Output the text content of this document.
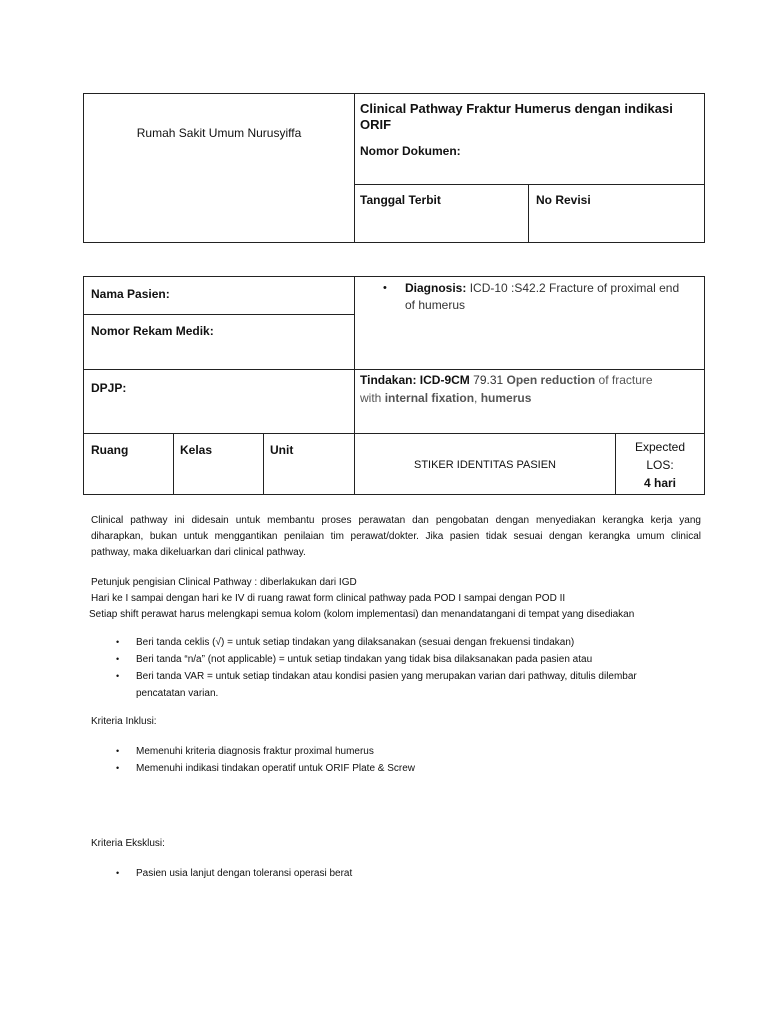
Rumah Sakit Umum Nurusyiffa
Clinical Pathway Fraktur Humerus dengan indikasi ORIF
Nomor Dokumen:
Tanggal Terbit	No Revisi
Nama Pasien:
Nomor Rekam Medik:
DPJP:
• Diagnosis: ICD-10 :S42.2 Fracture of proximal end
of humerus
Tindakan: ICD-9CM 79.31 Open reduction of fracture
with internal fixation, humerus
Ruang	Kelas	Unit
STIKER IDENTITAS PASIEN
Expected
LOS:
4 hari
Clinical pathway ini didesain untuk membantu proses perawatan dan pengobatan dengan menyediakan kerangka kerja yang
diharapkan, bukan untuk menggantikan penilaian tim perawat/dokter. Jika pasien tidak sesuai dengan kerangka umum clinical
pathway, maka dikeluarkan dari clinical pathway.
Petunjuk pengisian Clinical Pathway : diberlakukan dari IGD
Hari ke I sampai dengan hari ke IV di ruang rawat form clinical pathway pada POD I sampai dengan POD II
Setiap shift perawat harus melengkapi semua kolom (kolom implementasi) dan menandatangani di tempat yang disediakan
• Beri tanda ceklis (√) = untuk setiap tindakan yang dilaksanakan (sesuai dengan frekuensi tindakan)
• Beri tanda “n/a” (not applicable) = untuk setiap tindakan yang tidak bisa dilaksanakan pada pasien atau
• Beri tanda VAR = untuk setiap tindakan atau kondisi pasien yang merupakan varian dari pathway, ditulis dilembar
pencatatan varian.
Kriteria Inklusi:
• Memenuhi kriteria diagnosis fraktur proximal humerus
• Memenuhi indikasi tindakan operatif untuk ORIF Plate & Screw
Kriteria Eksklusi:
• Pasien usia lanjut dengan toleransi operasi berat
